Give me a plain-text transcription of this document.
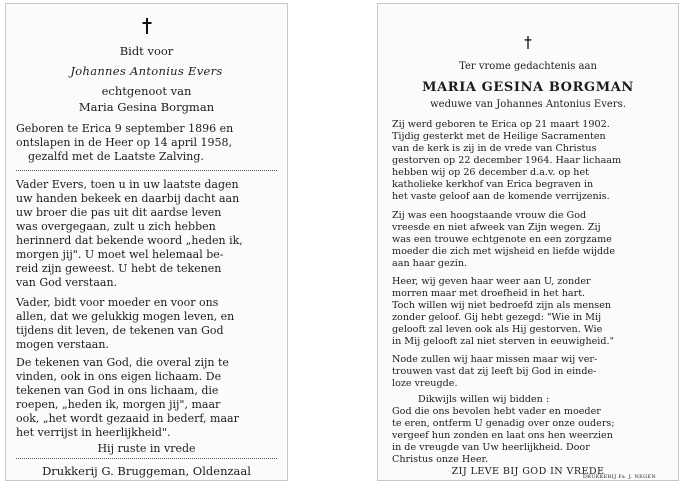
Bidt voor
Johannes Antonius Evers
echtgenoot van
Maria Gesina Borgman
Geboren te Erica 9 september 1896 en
ontslapen in de Heer op 14 april 1958,
gezalfd met de Laatste Zalving.
Vader Evers, toen u in uw laatste dagen
uw handen bekeek en daarbij dacht aan
uw broer die pas uit dit aardse leven
was overgegaan, zult u zich hebben
herinnerd dat bekende woord „heden ik,
morgen jij". U moet wel helemaal be-
reid zijn geweest. U hebt de tekenen
van God verstaan.
Vader, bidt voor moeder en voor ons
allen, dat we gelukkig mogen leven, en
tijdens dit leven, de tekenen van God
mogen verstaan.
De tekenen van God, die overal zijn te
vinden, ook in ons eigen lichaam. De
tekenen van God in ons lichaam, die
roepen, „heden ik, morgen jij", maar
ook, „het wordt gezaaid in bederf, maar
het verrijst in heerlijkheid".
Hij ruste in vrede
Drukkerij G. Bruggeman, Oldenzaal
Ter vrome gedachtenis aan
MARIA GESINA BORGMAN
weduwe van Johannes Antonius Evers.
Zij werd geboren te Erica op 21 maart 1902.
Tijdig gesterkt met de Heilige Sacramenten
van de kerk is zij in de vrede van Christus
gestorven op 22 december 1964. Haar lichaam
hebben wij op 26 december d.a.v. op het
katholieke kerkhof van Erica begraven in
het vaste geloof aan de komende verrijzenis.
Zij was een hoogstaande vrouw die God
vreesde en niet afweek van Zijn wegen. Zij
was een trouwe echtgenote en een zorgzame
moeder die zich met wijsheid en liefde wijdde
aan haar gezin.
Heer, wij geven haar weer aan U, zonder
morren maar met droefheid in het hart.
Toch willen wij niet bedroefd zijn als mensen
zonder geloof. Gij hebt gezegd: "Wie in Mij
gelooft zal leven ook als Hij gestorven. Wie
in Mij gelooft zal niet sterven in eeuwigheid."
Node zullen wij haar missen maar wij ver-
trouwen vast dat zij leeft bij God in einde-
loze vreugde.
Dikwijls willen wij bidden :
God die ons bevolen hebt vader en moeder
te eren, ontferm U genadig over onze ouders;
vergeef hun zonden en laat ons hen weerzien
in de vreugde van Uw heerlijkheid. Door
Christus onze Heer.
ZIJ LEVE BIJ GOD IN VREDE
DRUKKERIJ Fa. J. NEGEN
